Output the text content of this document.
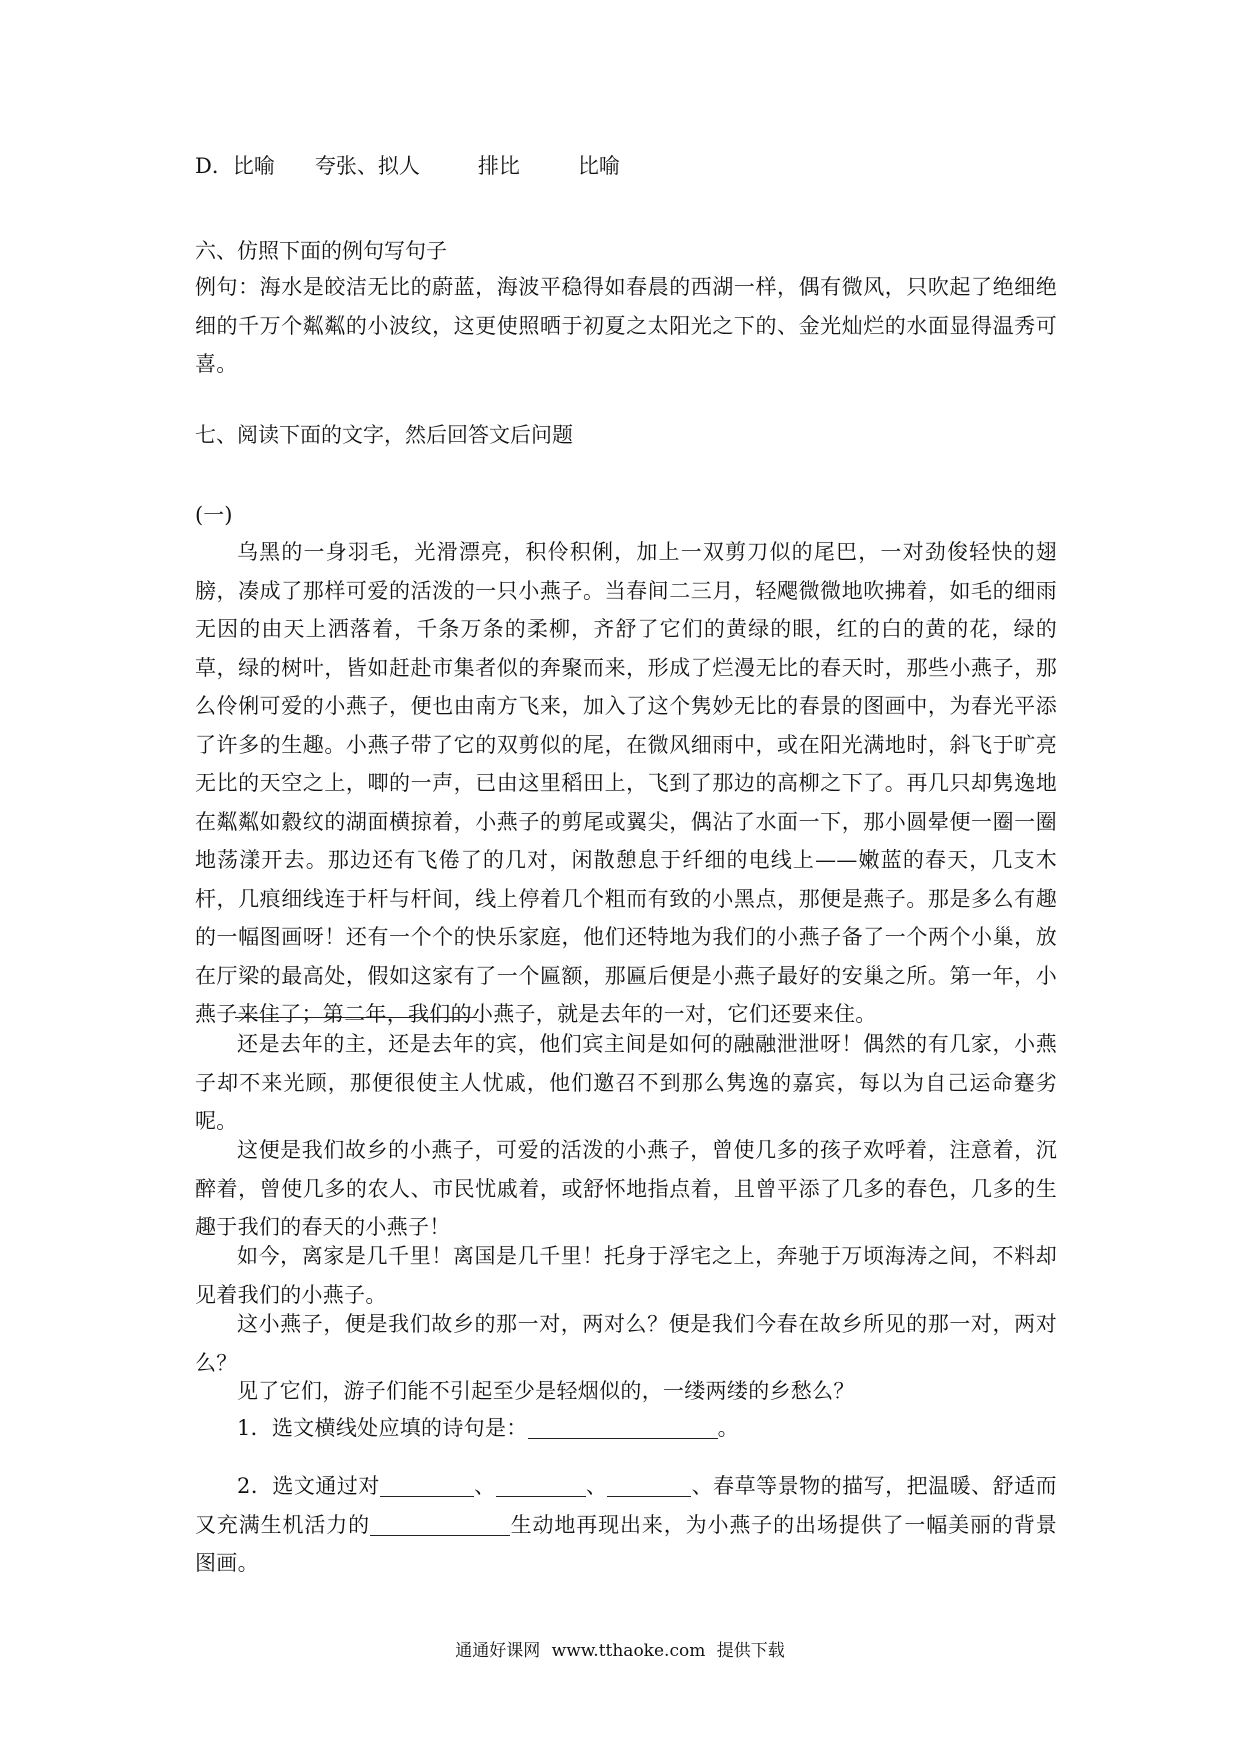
D．比喻 夸张、拟人	排比	比喻
六、仿照下面的例句写句子
例句：海水是皎洁无比的蔚蓝，海波平稳得如春晨的西湖一样，偶有微风，只吹起了绝细绝细的千万个粼粼的小波纹，这更使照晒于初夏之太阳光之下的、金光灿烂的水面显得温秀可喜。
七、阅读下面的文字，然后回答文后问题
(一)
乌黑的一身羽毛，光滑漂亮，积伶积俐，加上一双剪刀似的尾巴，一对劲俊轻快的翅膀，凑成了那样可爱的活泼的一只小燕子。当春间二三月，轻飔微微地吹拂着，如毛的细雨无因的由天上洒落着，千条万条的柔柳，齐舒了它们的黄绿的眼，红的白的黄的花，绿的草，绿的树叶，皆如赶赴市集者似的奔聚而来，形成了烂漫无比的春天时，那些小燕子，那么伶俐可爱的小燕子，便也由南方飞来，加入了这个隽妙无比的春景的图画中，为春光平添了许多的生趣。小燕子带了它的双剪似的尾，在微风细雨中，或在阳光满地时，斜飞于旷亮无比的天空之上，唧的一声，已由这里稻田上，飞到了那边的高柳之下了。再几只却隽逸地在粼粼如縠纹的湖面横掠着，小燕子的剪尾或翼尖，偶沾了水面一下，那小圆晕便一圈一圈地荡漾开去。那边还有飞倦了的几对，闲散憩息于纤细的电线上——嫩蓝的春天，几支木杆，几痕细线连于杆与杆间，线上停着几个粗而有致的小黑点，那便是燕子。那是多么有趣的一幅图画呀！还有一个个的快乐家庭，他们还特地为我们的小燕子备了一个两个小巢，放在厅梁的最高处，假如这家有了一个匾额，那匾后便是小燕子最好的安巢之所。第一年，小燕子来住了；第二年，我们的小燕子，就是去年的一对，它们还要来住。
还是去年的主，还是去年的宾，他们宾主间是如何的融融泄泄呀！偶然的有几家，小燕子却不来光顾，那便很使主人忧戚，他们邀召不到那么隽逸的嘉宾，每以为自己运命蹇劣呢。
这便是我们故乡的小燕子，可爱的活泼的小燕子，曾使几多的孩子欢呼着，注意着，沉醉着，曾使几多的农人、市民忧戚着，或舒怀地指点着，且曾平添了几多的春色，几多的生趣于我们的春天的小燕子！
如今，离家是几千里！离国是几千里！托身于浮宅之上，奔驰于万顷海涛之间，不料却见着我们的小燕子。
这小燕子，便是我们故乡的那一对，两对么？便是我们今春在故乡所见的那一对，两对么？
见了它们，游子们能不引起至少是轻烟似的，一缕两缕的乡愁么？
1．选文横线处应填的诗句是：	。
2．选文通过对	、	、	、春草等景物的描写，把温暖、舒适而又充满生机活力的	生动地再现出来，为小燕子的出场提供了一幅美丽的背景图画。
通通好课网 www.tthaoke.com 提供下载
